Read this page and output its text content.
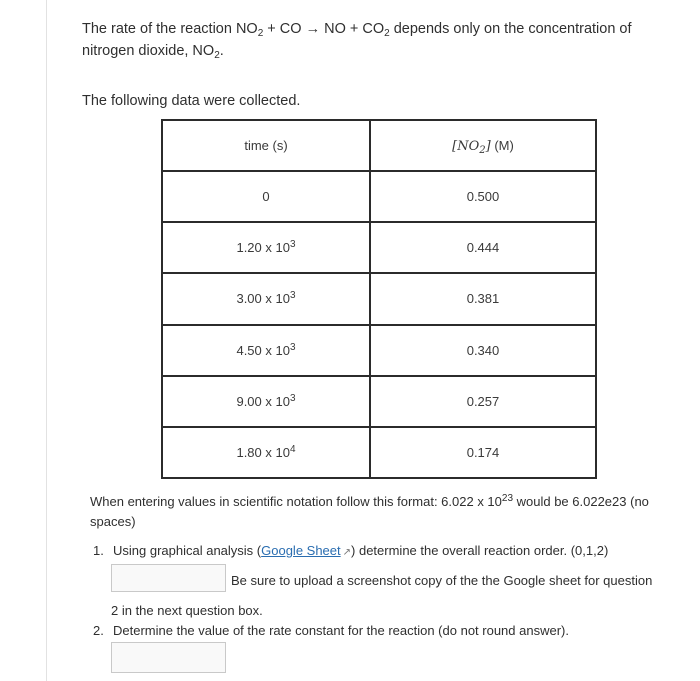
The rate of the reaction $NO_2$ + CO → NO + $CO_2$ depends only on the concentration of nitrogen dioxide, $NO_2$.
The following data were collected.
time (s)	$[NO_2]$ (M)
0	0.500
1.20 x $10^3$	0.444
3.00 x $10^3$	0.381
4.50 x $10^3$	0.340
9.00 x $10^3$	0.257
1.80 x $10^4$	0.174
When entering values in scientific notation follow this format: 6.022 x $10^{23}$ would be 6.022e23 (no spaces)
1. Using graphical analysis (Google Sheet ↗) determine the overall reaction order. (0,1,2)
Be sure to upload a screenshot copy of the the Google sheet for question
2 in the next question box.
2. Determine the value of the rate constant for the reaction (do not round answer).
